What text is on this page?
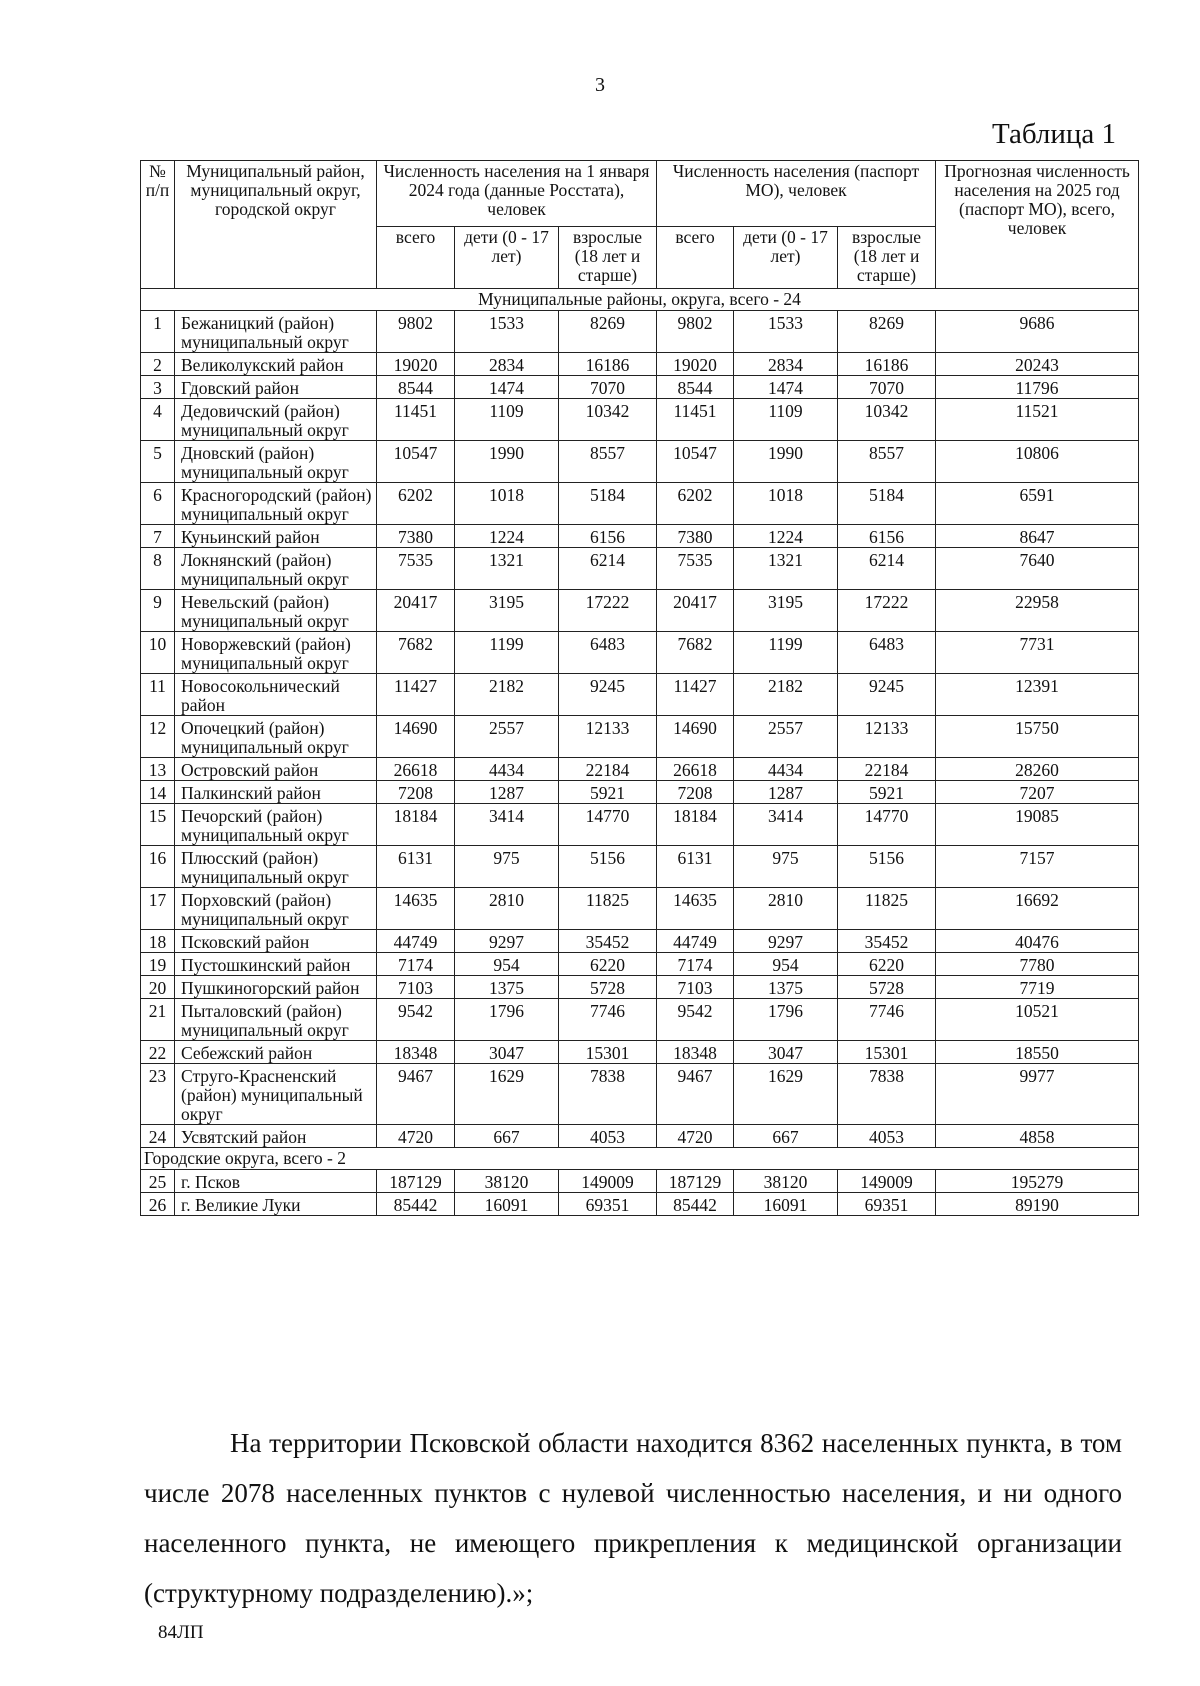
3
Таблица 1
№ п/п	Муниципальный район, муниципальный округ, городской округ	Численность населения на 1 января 2024 года (данные Росстата), человек			Численность населения (паспорт МО), человек			Прогнозная численность населения на 2025 год (паспорт МО), всего, человек
		всего	дети (0 - 17 лет)	взрослые (18 лет и старше)	всего	дети (0 - 17 лет)	взрослые (18 лет и старше)	
Муниципальные районы, округа, всего - 24								
1	Бежаницкий (район) муниципальный округ	9802	1533	8269	9802	1533	8269	9686
2	Великолукский район	19020	2834	16186	19020	2834	16186	20243
3	Гдовский район	8544	1474	7070	8544	1474	7070	11796
4	Дедовичский (район) муниципальный округ	11451	1109	10342	11451	1109	10342	11521
5	Дновский (район) муниципальный округ	10547	1990	8557	10547	1990	8557	10806
6	Красногородский (район) муниципальный округ	6202	1018	5184	6202	1018	5184	6591
7	Куньинский район	7380	1224	6156	7380	1224	6156	8647
8	Локнянский (район) муниципальный округ	7535	1321	6214	7535	1321	6214	7640
9	Невельский (район) муниципальный округ	20417	3195	17222	20417	3195	17222	22958
10	Новоржевский (район) муниципальный округ	7682	1199	6483	7682	1199	6483	7731
11	Новосокольнический район	11427	2182	9245	11427	2182	9245	12391
12	Опочецкий (район) муниципальный округ	14690	2557	12133	14690	2557	12133	15750
13	Островский район	26618	4434	22184	26618	4434	22184	28260
14	Палкинский район	7208	1287	5921	7208	1287	5921	7207
15	Печорский (район) муниципальный округ	18184	3414	14770	18184	3414	14770	19085
16	Плюсский (район) муниципальный округ	6131	975	5156	6131	975	5156	7157
17	Порховский (район) муниципальный округ	14635	2810	11825	14635	2810	11825	16692
18	Псковский район	44749	9297	35452	44749	9297	35452	40476
19	Пустошкинский район	7174	954	6220	7174	954	6220	7780
20	Пушкиногорский район	7103	1375	5728	7103	1375	5728	7719
21	Пыталовский (район) муниципальный округ	9542	1796	7746	9542	1796	7746	10521
22	Себежский район	18348	3047	15301	18348	3047	15301	18550
23	Струго-Красненский (район) муниципальный округ	9467	1629	7838	9467	1629	7838	9977
24	Усвятский район	4720	667	4053	4720	667	4053	4858
Городские округа, всего - 2								
25	г. Псков	187129	38120	149009	187129	38120	149009	195279
26	г. Великие Луки	85442	16091	69351	85442	16091	69351	89190
На территории Псковской области находится 8362 населенных пункта, в том числе 2078 населенных пунктов с нулевой численностью населения, и ни одного населенного пункта, не имеющего прикрепления к медицинской организации (структурному подразделению).»;
84ЛП
